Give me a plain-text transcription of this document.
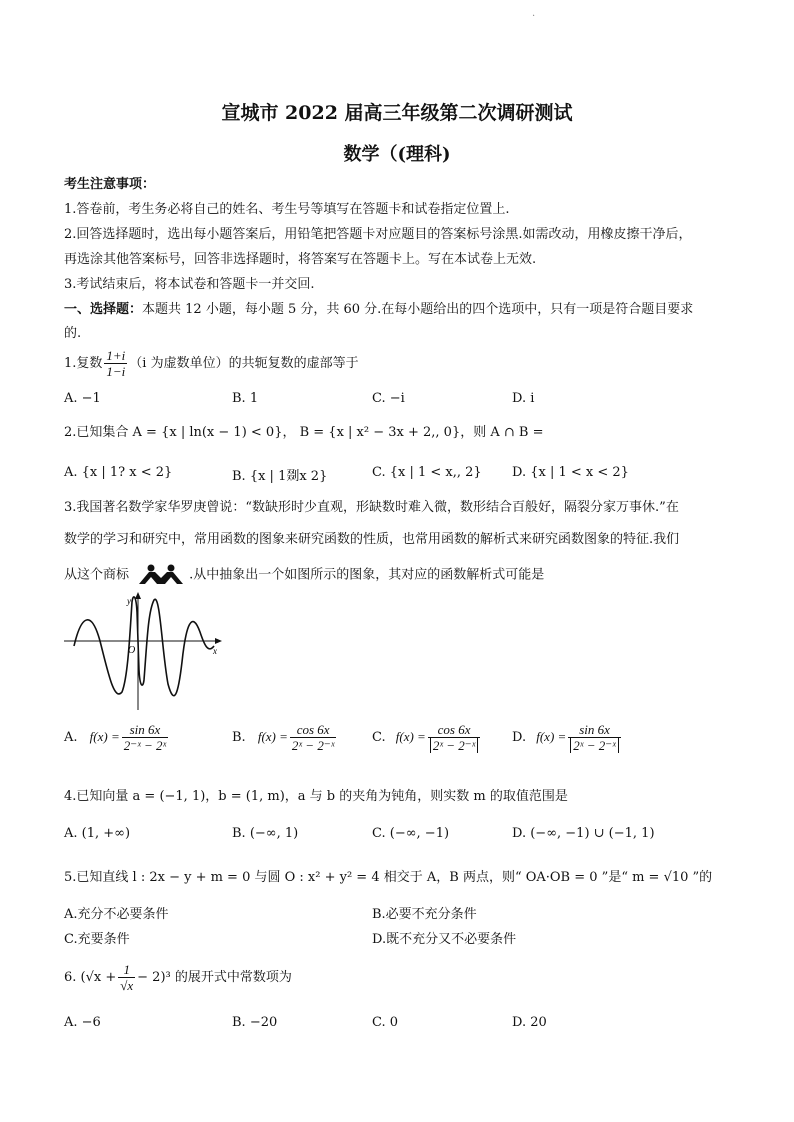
.
宣城市 2022 届高三年级第二次调研测试
数学（(理科)
考生注意事项：
1.答卷前，考生务必将自己的姓名、考生号等填写在答题卡和试卷指定位置上.
2.回答选择题时，选出每小题答案后，用铅笔把答题卡对应题目的答案标号涂黑.如需改动，用橡皮擦干净后，
再选涂其他答案标号，回答非选择题时，将答案写在答题卡上。写在本试卷上无效.
3.考试结束后，将本试卷和答题卡一并交回.
一、选择题：本题共 12 小题，每小题 5 分，共 60 分.在每小题给出的四个选项中，只有一项是符合题目要求
的.
1.复数 $\frac{1+i}{1-i} (i$ 为虚数单位）的共轭复数的虚部等于
A. −1	B. 1	C. −i	D. i
2.已知集合 A = {x | ln(x − 1) < 0}， B = {x | x² − 3x + 2,, 0}，则 A ∩ B =
A. {x | 1? x < 2}	B. {x | 1剟x 2}	C. {x | 1 < x,, 2} D. {x | 1 < x < 2}
3.我国著名数学家华罗庚曾说：“数缺形时少直观，形缺数时难入微，数形结合百般好，隔裂分家万事休.”在
数学的学习和研究中，常用函数的图象来研究函数的性质，也常用函数的解析式来研究函数图象的特征.我们
从这个商标	.从中抽象出一个如图所示的图象，其对应的函数解析式可能是
y
x
O
A. $f(x) = \frac{\sin 6x}{\text{2⁻ˣ − 2ˣ}}$	B. $f(x) = \frac{\cos 6x}{\text{2ˣ − 2⁻ˣ}}$	C. $f(x) = \frac{\cos 6x}{\text{2ˣ − 2⁻ˣ}} D$. $f(x) = \frac{\sin 6x}{\text{2ˣ − 2⁻ˣ}}$
4.已知向量 a = (−1, 1)，b = (1, m)，a 与 b 的夹角为钝角，则实数 m 的取值范围是
A. (1, +∞)	B. (−∞, 1)	C. (−∞, −1)	D. (−∞, −1) ∪ (−1, 1)
5.已知直线 l : 2x − y + m = 0 与圆 O : x² + y² = 4 相交于 A，B 两点，则“ OA·OB = 0 ”是“ m = √10 ”的
A.充分不必要条件	B.必要不充分条件
C.充要条件	D.既不充分又不必要条件
6. $(√x + \frac{1}{√x} - 2)^3$ 的展开式中常数项为
A. −6	B. −20	C. 0	D. 20
